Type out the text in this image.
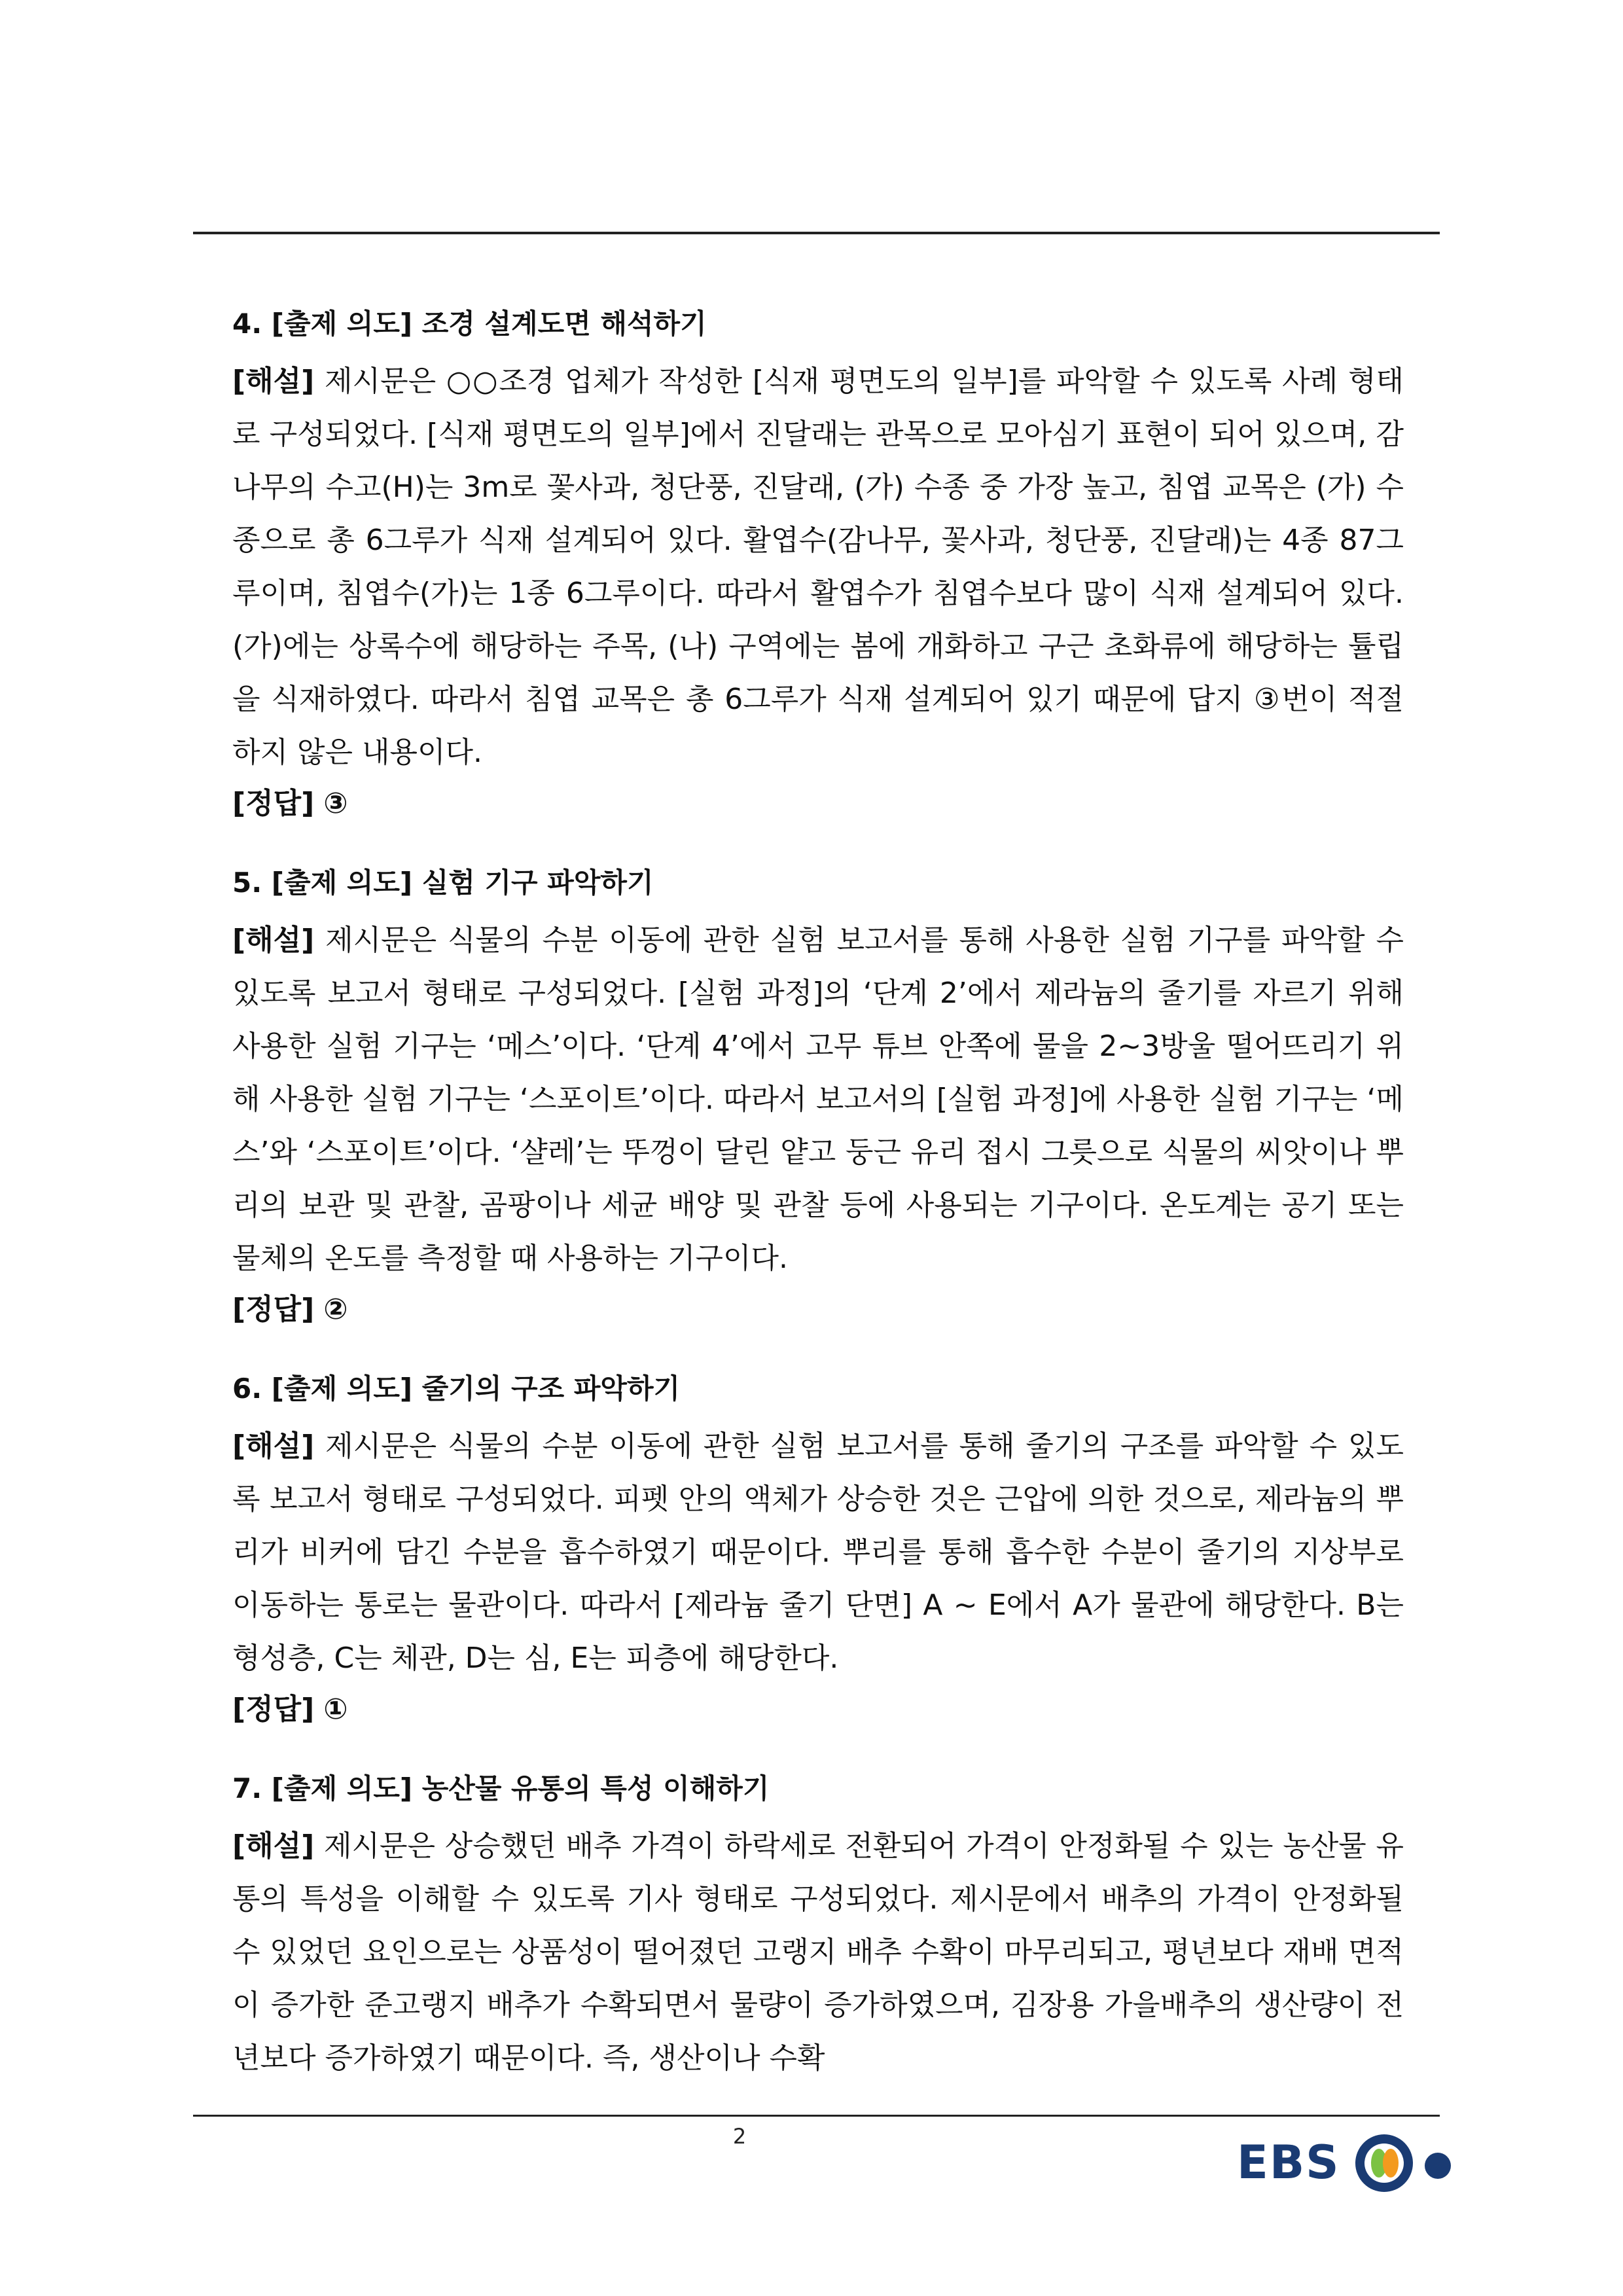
4. [출제 의도] 조경 설계도면 해석하기

[해설] 제시문은 ○○조경 업체가 작성한 [식재 평면도의 일부]를 파악할 수 있도록 사례 형태로 구성되었다. [식재 평면도의 일부]에서 진달래는 관목으로 모아심기 표현이 되어 있으며, 감나무의 수고(H)는 3m로 꽃사과, 청단풍, 진달래, (가) 수종 중 가장 높고, 침엽 교목은 (가) 수종으로 총 6그루가 식재 설계되어 있다. 활엽수(감나무, 꽃사과, 청단풍, 진달래)는 4종 87그루이며, 침엽수(가)는 1종 6그루이다. 따라서 활엽수가 침엽수보다 많이 식재 설계되어 있다. (가)에는 상록수에 해당하는 주목, (나) 구역에는 봄에 개화하고 구근 초화류에 해당하는 튤립을 식재하였다. 따라서 침엽 교목은 총 6그루가 식재 설계되어 있기 때문에 답지 ③번이 적절하지 않은 내용이다.

[정답] ③

5. [출제 의도] 실험 기구 파악하기

[해설] 제시문은 식물의 수분 이동에 관한 실험 보고서를 통해 사용한 실험 기구를 파악할 수 있도록 보고서 형태로 구성되었다. [실험 과정]의 ‘단계 2’에서 제라늄의 줄기를 자르기 위해 사용한 실험 기구는 ‘메스’이다. ‘단계 4’에서 고무 튜브 안쪽에 물을 2~3방울 떨어뜨리기 위해 사용한 실험 기구는 ‘스포이트’이다. 따라서 보고서의 [실험 과정]에 사용한 실험 기구는 ‘메스’와 ‘스포이트’이다. ‘샬레’는 뚜껑이 달린 얕고 둥근 유리 접시 그릇으로 식물의 씨앗이나 뿌리의 보관 및 관찰, 곰팡이나 세균 배양 및 관찰 등에 사용되는 기구이다. 온도계는 공기 또는 물체의 온도를 측정할 때 사용하는 기구이다.

[정답] ②

6. [출제 의도] 줄기의 구조 파악하기

[해설] 제시문은 식물의 수분 이동에 관한 실험 보고서를 통해 줄기의 구조를 파악할 수 있도록 보고서 형태로 구성되었다. 피펫 안의 액체가 상승한 것은 근압에 의한 것으로, 제라늄의 뿌리가 비커에 담긴 수분을 흡수하였기 때문이다. 뿌리를 통해 흡수한 수분이 줄기의 지상부로 이동하는 통로는 물관이다. 따라서 [제라늄 줄기 단면] A ~ E에서 A가 물관에 해당한다. B는 형성층, C는 체관, D는 심, E는 피층에 해당한다.

[정답] ①

7. [출제 의도] 농산물 유통의 특성 이해하기

[해설] 제시문은 상승했던 배추 가격이 하락세로 전환되어 가격이 안정화될 수 있는 농산물 유통의 특성을 이해할 수 있도록 기사 형태로 구성되었다. 제시문에서 배추의 가격이 안정화될 수 있었던 요인으로는 상품성이 떨어졌던 고랭지 배추 수확이 마무리되고, 평년보다 재배 면적이 증가한 준고랭지 배추가 수확되면서 물량이 증가하였으며, 김장용 가을배추의 생산량이 전년보다 증가하였기 때문이다. 즉, 생산이나 수확

2	EBS
